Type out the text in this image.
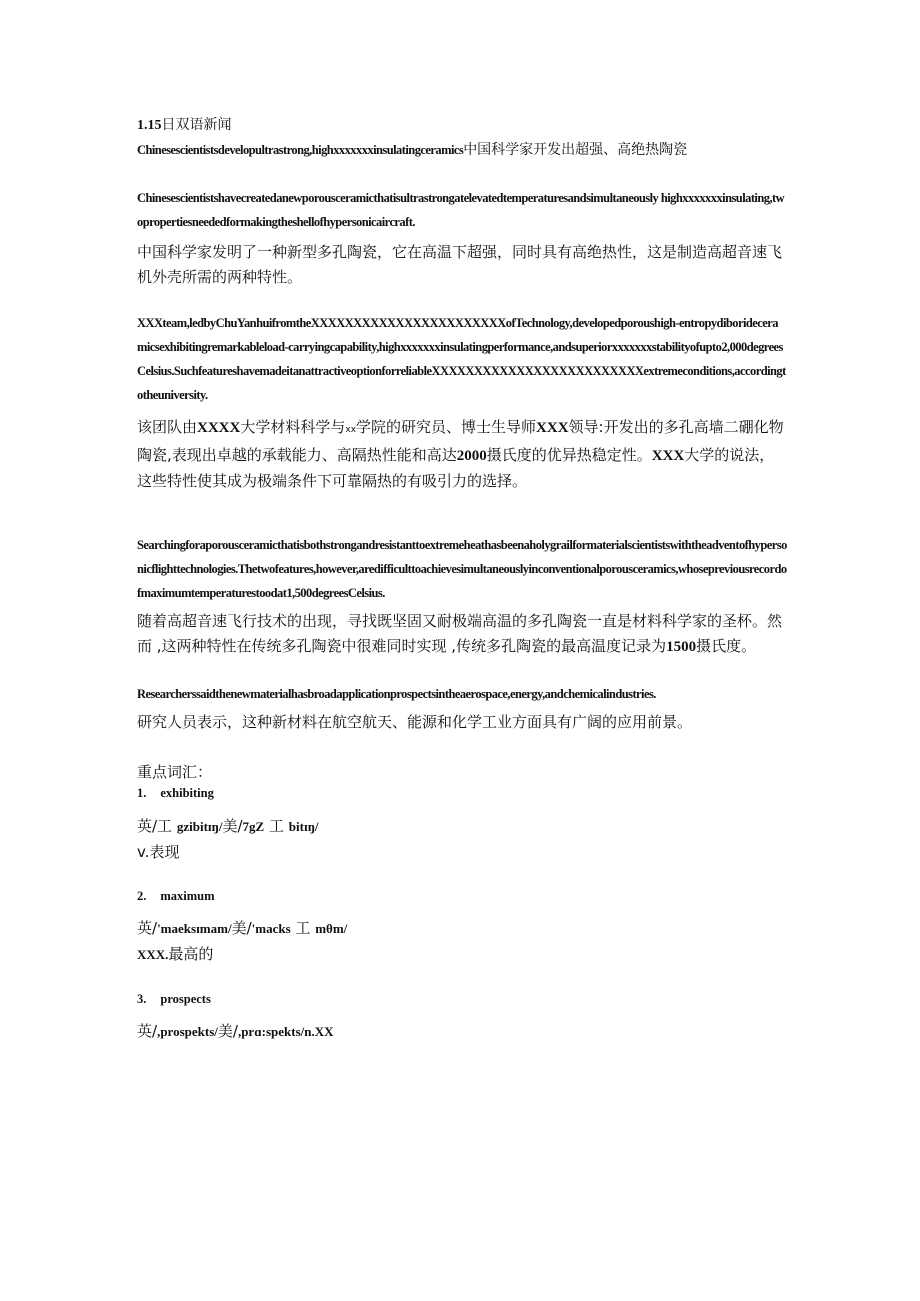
1.15日双语新闻
Chinesescientistsdevelopultrastrong,highxxxxxxxinsulatingceramics中国科学家开发出超强、高绝热陶瓷

Chinesescientistshavecreatedanewporousceramicthatisultrastrongatelevatedtemperaturesandsimultaneously highxxxxxxxinsulating,twopropertiesneededformakingtheshellofhypersonicaircraft.

中国科学家发明了一种新型多孔陶瓷，它在高温下超强，同时具有高绝热性，这是制造高超音速飞机外壳所需的两种特性。

XXXteam,ledbyChuYanhuifromtheXXXXXXXXXXXXXXXXXXXXXXXofTechnology,developedporoushigh-entropydiborideceramicsexhibitingremarkableload-carryingcapability,highxxxxxxxinsulatingperformance,andsuperiorxxxxxxxstabilityofupto2,000degreesCelsius.SuchfeatureshavemadeitanattractiveoptionforreliableXXXXXXXXXXXXXXXXXXXXXXXXXextremeconditions,accordingtotheuniversity.

该团队由XXXX大学材料科学与xx学院的研究员、博士生导师XXX领导:开发出的多孔高墙二硼化物陶瓷,表现出卓越的承载能力、高隔热性能和高达2000摄氏度的优异热稳定性。XXX大学的说法，这些特性使其成为极端条件下可靠隔热的有吸引力的选择。

Searchingforaporousceramicthatisbothstrongandresistanttoextremeheathasbeenaholygrailformaterialscientistswiththeadventofhypersonicflighttechnologies.Thetwofeatures,however,aredifficulttoachievesimultaneouslyinconventionalporousceramics,whosepreviousrecordofmaximumtemperaturestoodat1,500degreesCelsius.

随着高超音速飞行技术的出现，寻找既坚固又耐极端高温的多孔陶瓷一直是材料科学家的圣杯。然而 ,这两种特性在传统多孔陶瓷中很难同时实现 ,传统多孔陶瓷的最高温度记录为1500摄氏度。

Researcherssaidthenewmaterialhasbroadapplicationprospectsintheaerospace,energy,andchemicalindustries.

研究人员表示，这种新材料在航空航天、能源和化学工业方面具有广阔的应用前景。

重点词汇：

1. exhibiting
英/工 gzibitɪŋ/美/7gZ 工 bitɪŋ/
v.表现
2. maximum
英/'maeksɪmam/美/'macks 工 mθm/
XXX.最高的
3. prospects
英/,prospekts/美/,prɑ:spekts/n.XX
